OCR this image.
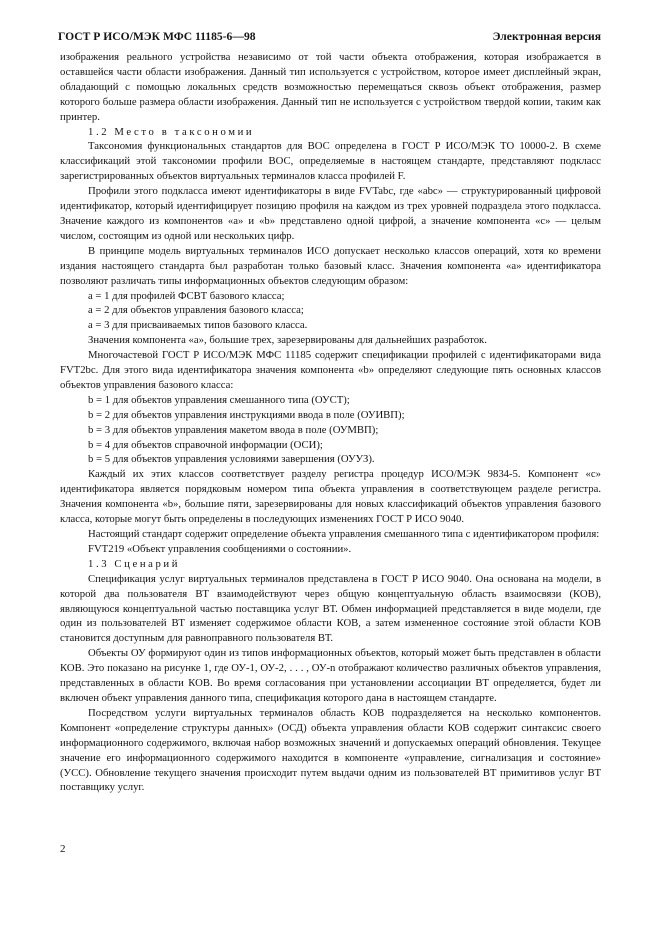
ГОСТ Р ИСО/МЭК МФС 11185-6—98	Электронная версия

изображения реального устройства независимо от той части объекта отображения, которая изображается в оставшейся части области изображения. Данный тип используется с устройством, которое имеет дисплейный экран, обладающий с помощью локальных средств возможностью перемещаться сквозь объект отображения, размер которого больше размера области изображения. Данный тип не используется с устройством твердой копии, таким как принтер.

1.2 Место в таксономии

Таксономия функциональных стандартов для ВОС определена в ГОСТ Р ИСО/МЭК ТО 10000-2. В схеме классификаций этой таксономии профили ВОС, определяемые в настоящем стандарте, представляют подкласс зарегистрированных объектов виртуальных терминалов класса профилей F.

Профили этого подкласса имеют идентификаторы в виде FVTabc, где «abc» — структурированный цифровой идентификатор, который идентифицирует позицию профиля на каждом из трех уровней подраздела этого подкласса. Значение каждого из компонентов «а» и «b» представлено одной цифрой, а значение компонента «с» — целым числом, состоящим из одной или нескольких цифр.

В принципе модель виртуальных терминалов ИСО допускает несколько классов операций, хотя ко времени издания настоящего стандарта был разработан только базовый класс. Значения компонента «а» идентификатора позволяют различать типы информационных объектов следующим образом:

а = 1 для профилей ФСВТ базового класса;

а = 2 для объектов управления базового класса;

а = 3 для присваиваемых типов базового класса.

Значения компонента «а», большие трех, зарезервированы для дальнейших разработок.

Многочастевой ГОСТ Р ИСО/МЭК МФС 11185 содержит спецификации профилей с идентификаторами вида FVT2bc. Для этого вида идентификатора значения компонента «b» определяют следующие пять основных классов объектов управления базового класса:

b = 1 для объектов управления смешанного типа (ОУСТ);

b = 2 для объектов управления инструкциями ввода в поле (ОУИВП);

b = 3 для объектов управления макетом ввода в поле (ОУМВП);

b = 4 для объектов справочной информации (ОСИ);

b = 5 для объектов управления условиями завершения (ОУУЗ).

Каждый их этих классов соответствует разделу регистра процедур ИСО/МЭК 9834-5. Компонент «с» идентификатора является порядковым номером типа объекта управления в соответствующем разделе регистра. Значения компонента «b», большие пяти, зарезервированы для новых классификаций объектов управления базового класса, которые могут быть определены в последующих изменениях ГОСТ Р ИСО 9040.

Настоящий стандарт содержит определение объекта управления смешанного типа с идентификатором профиля:

FVT219 «Объект управления сообщениями о состоянии».

1.3 Сценарий

Спецификация услуг виртуальных терминалов представлена в ГОСТ Р ИСО 9040. Она основана на модели, в которой два пользователя ВТ взаимодействуют через общую концептуальную область взаимосвязи (КОВ), являющуюся концептуальной частью поставщика услуг ВТ. Обмен информацией представляется в виде модели, где один из пользователей ВТ изменяет содержимое области КОВ, а затем измененное состояние этой области КОВ становится доступным для равноправного пользователя ВТ.

Объекты ОУ формируют один из типов информационных объектов, который может быть представлен в области КОВ. Это показано на рисунке 1, где ОУ-1, ОУ-2, . . . , ОУ-n отображают количество различных объектов управления, представленных в области КОВ. Во время согласования при установлении ассоциации ВТ определяется, будет ли включен объект управления данного типа, спецификация которого дана в настоящем стандарте.

Посредством услуги виртуальных терминалов область КОВ подразделяется на несколько компонентов. Компонент «определение структуры данных» (ОСД) объекта управления области КОВ содержит синтаксис своего информационного содержимого, включая набор возможных значений и допускаемых операций обновления. Текущее значение его информационного содержимого находится в компоненте «управление, сигнализация и состояние» (УСС). Обновление текущего значения происходит путем выдачи одним из пользователей ВТ примитивов услуг ВТ поставщику услуг.

2
